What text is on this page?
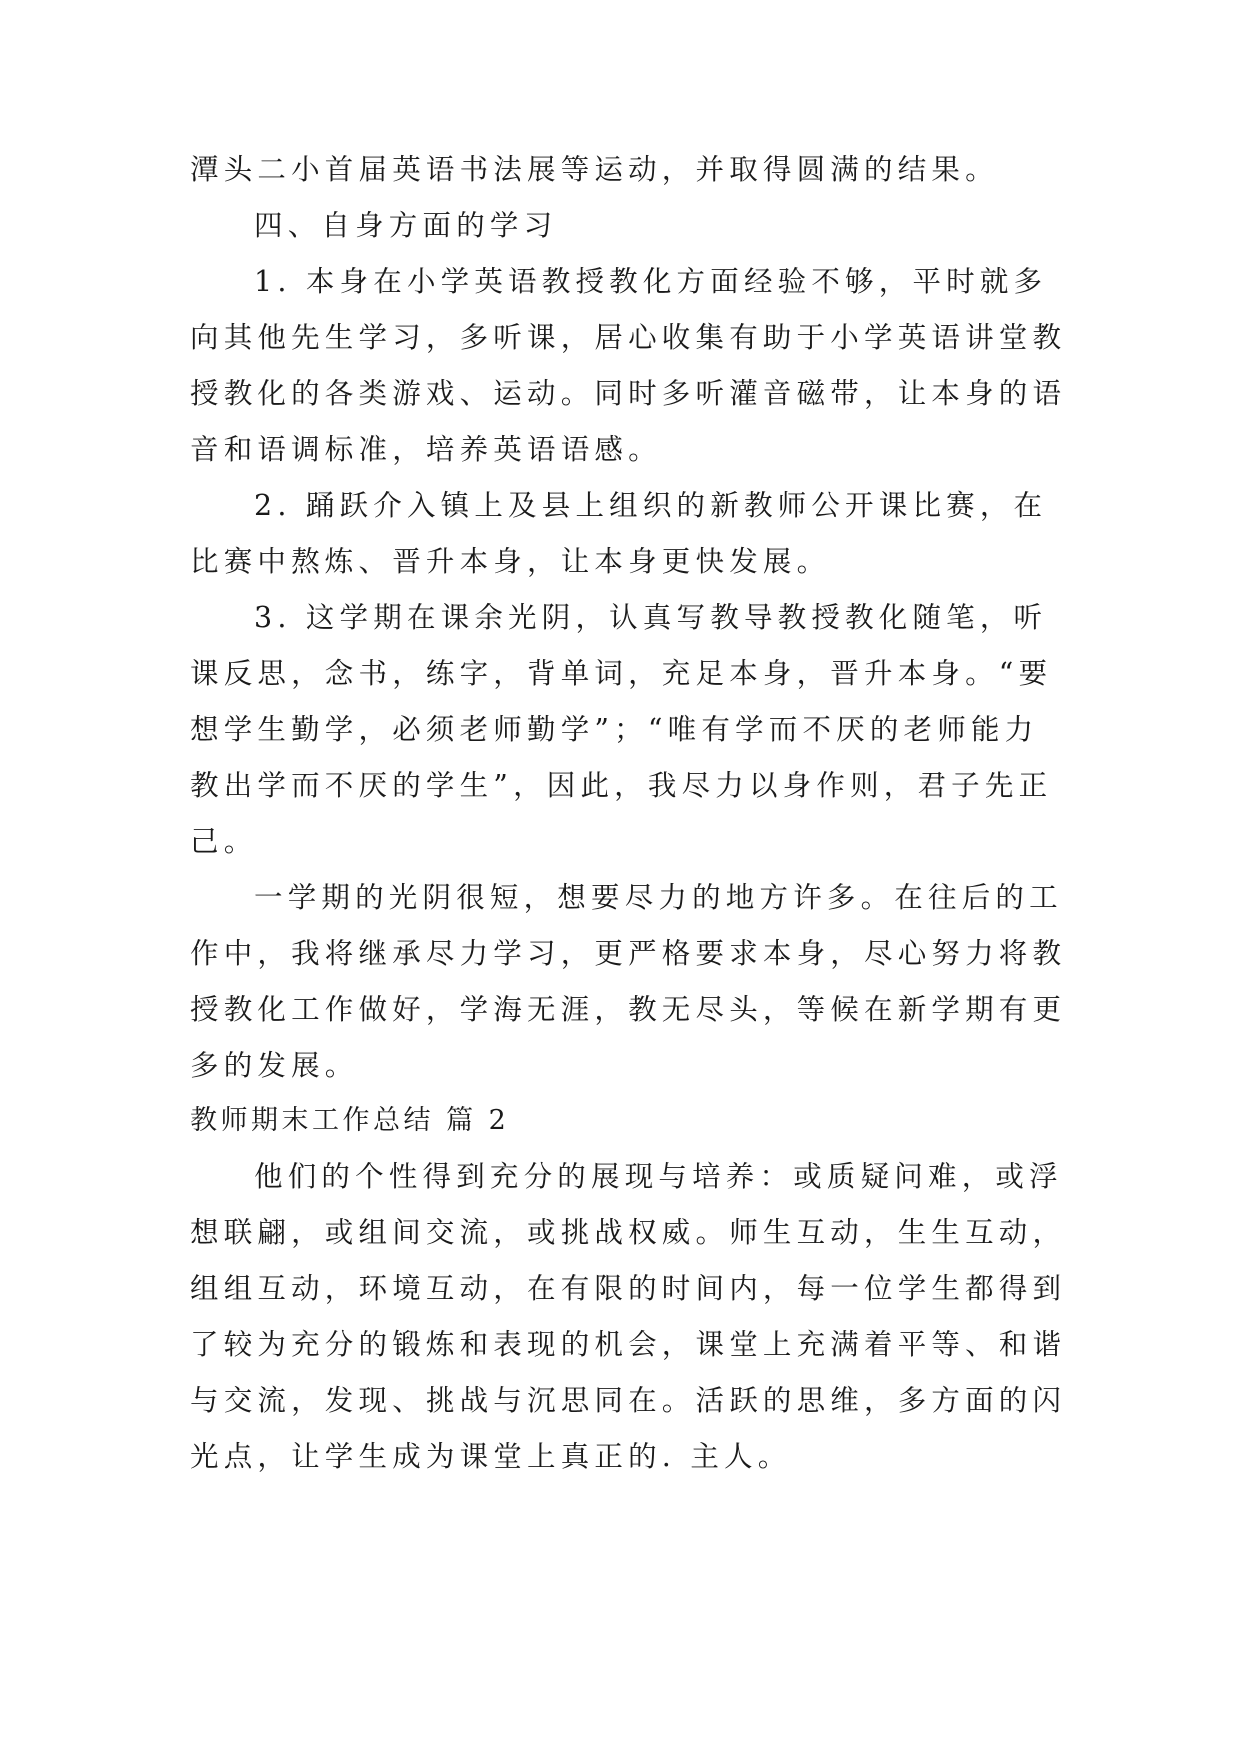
潭头二小首届英语书法展等运动，并取得圆满的结果。
四、自身方面的学习
1. 本身在小学英语教授教化方面经验不够，平时就多
向其他先生学习，多听课，居心收集有助于小学英语讲堂教
授教化的各类游戏、运动。同时多听灌音磁带，让本身的语
音和语调标准，培养英语语感。
2. 踊跃介入镇上及县上组织的新教师公开课比赛，在
比赛中熬炼、晋升本身，让本身更快发展。
3. 这学期在课余光阴，认真写教导教授教化随笔，听
课反思，念书，练字，背单词，充足本身，晋升本身。“要
想学生勤学，必须老师勤学”；“唯有学而不厌的老师能力
教出学而不厌的学生”，因此，我尽力以身作则，君子先正
己。
一学期的光阴很短，想要尽力的地方许多。在往后的工
作中，我将继承尽力学习，更严格要求本身，尽心努力将教
授教化工作做好，学海无涯，教无尽头，等候在新学期有更
多的发展。
教师期末工作总结 篇 2
他们的个性得到充分的展现与培养：或质疑问难，或浮
想联翩，或组间交流，或挑战权威。师生互动，生生互动，
组组互动，环境互动，在有限的时间内，每一位学生都得到
了较为充分的锻炼和表现的机会，课堂上充满着平等、和谐
与交流，发现、挑战与沉思同在。活跃的思维，多方面的闪
光点，让学生成为课堂上真正的. 主人。
